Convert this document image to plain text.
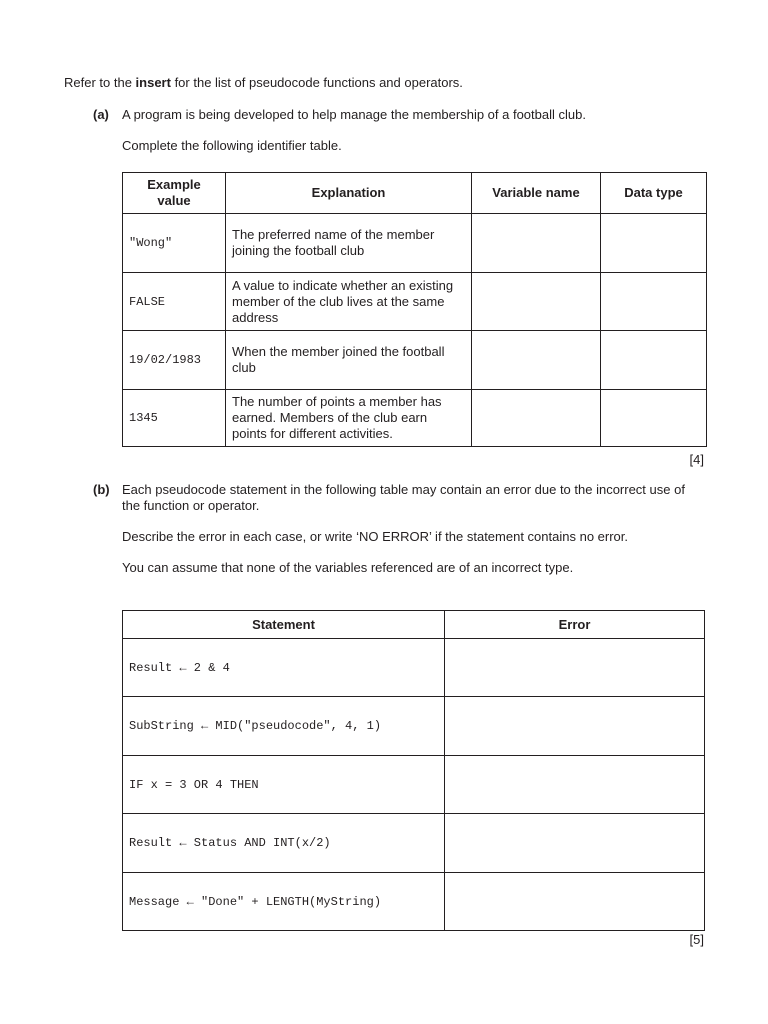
Refer to the insert for the list of pseudocode functions and operators.
(a) A program is being developed to help manage the membership of a football club.
Complete the following identifier table.
Example value	Explanation	Variable name	Data type
"Wong"	The preferred name of the member joining the football club		
FALSE	A value to indicate whether an existing member of the club lives at the same address		
19/02/1983	When the member joined the football club		
1345	The number of points a member has earned. Members of the club earn points for different activities.		
[4]
(b) Each pseudocode statement in the following table may contain an error due to the incorrect use of the function or operator.
Describe the error in each case, or write ‘NO ERROR’ if the statement contains no error.
You can assume that none of the variables referenced are of an incorrect type.
Statement	Error
Result ← 2 & 4	
SubString ← MID("pseudocode", 4, 1)	
IF x = 3 OR 4 THEN	
Result ← Status AND INT(x/2)	
Message ← "Done" + LENGTH(MyString)	
[5]
